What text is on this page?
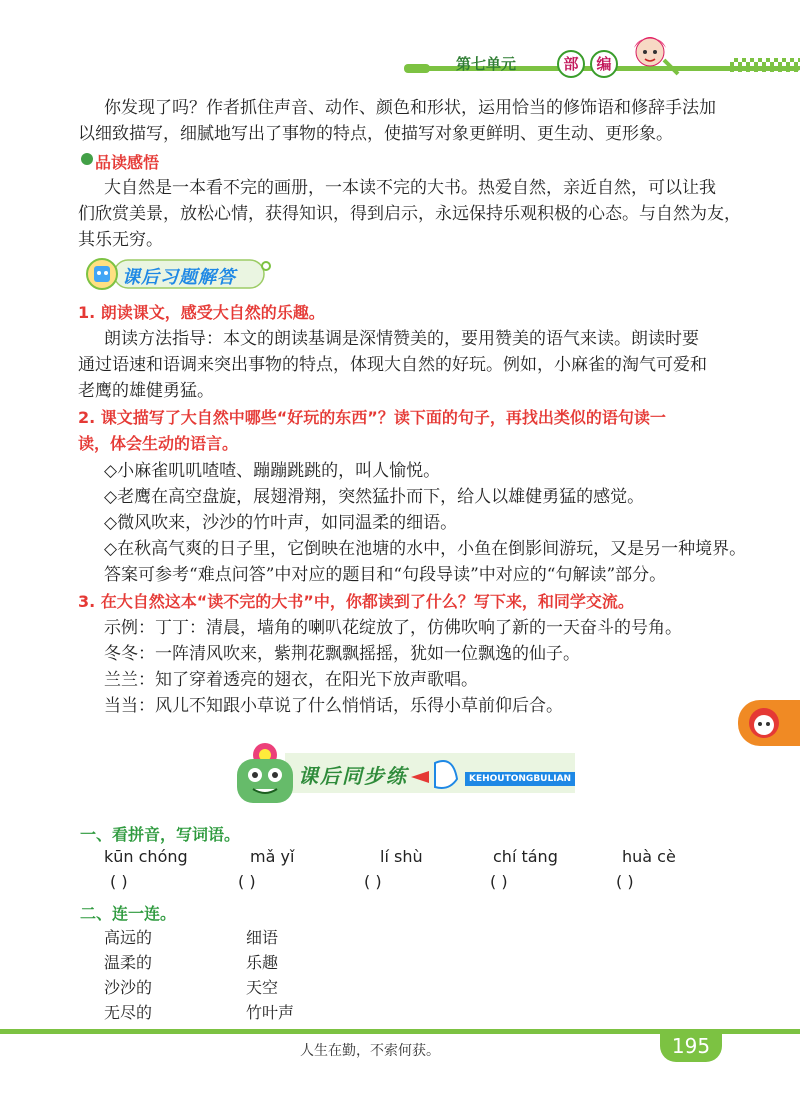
第七单元	部	编
你发现了吗？作者抓住声音、动作、颜色和形状，运用恰当的修饰语和修辞手法加
以细致描写，细腻地写出了事物的特点，使描写对象更鲜明、更生动、更形象。
品读感悟
大自然是一本看不完的画册，一本读不完的大书。热爱自然，亲近自然，可以让我
们欣赏美景，放松心情，获得知识，得到启示，永远保持乐观积极的心态。与自然为友，
其乐无穷。
课后习题解答
1. 朗读课文，感受大自然的乐趣。
朗读方法指导：本文的朗读基调是深情赞美的，要用赞美的语气来读。朗读时要
通过语速和语调来突出事物的特点，体现大自然的好玩。例如，小麻雀的淘气可爱和
老鹰的雄健勇猛。
2. 课文描写了大自然中哪些“好玩的东西”？读下面的句子，再找出类似的语句读一
读，体会生动的语言。
◇小麻雀叽叽喳喳、蹦蹦跳跳的，叫人愉悦。
◇老鹰在高空盘旋，展翅滑翔，突然猛扑而下，给人以雄健勇猛的感觉。
◇微风吹来，沙沙的竹叶声，如同温柔的细语。
◇在秋高气爽的日子里，它倒映在池塘的水中，小鱼在倒影间游玩，又是另一种境界。
答案可参考“难点问答”中对应的题目和“句段导读”中对应的“句解读”部分。
3. 在大自然这本“读不完的大书”中，你都读到了什么？写下来，和同学交流。
示例：丁丁：清晨，墙角的喇叭花绽放了，仿佛吹响了新的一天奋斗的号角。
冬冬：一阵清风吹来，紫荆花飘飘摇摇，犹如一位飘逸的仙子。
兰兰：知了穿着透亮的翅衣，在阳光下放声歌唱。
当当：风儿不知跟小草说了什么悄悄话，乐得小草前仰后合。
课后同步练	KEHOUTONGBULIAN
一、看拼音，写词语。
kūn chóng	mǎ yǐ	lí shù	chí táng	huà cè
( )	( )	( )	( )	( )
二、连一连。
高远的
温柔的
沙沙的
无尽的
细语
乐趣
天空
竹叶声
人生在勤，不索何获。	195
